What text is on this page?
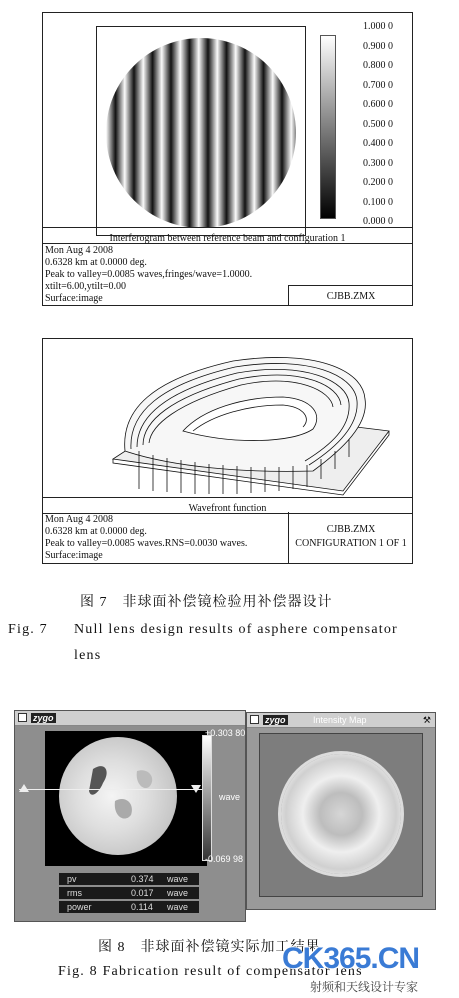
1.000 0
0.900 0
0.800 0
0.700 0
0.600 0
0.500 0
0.400 0
0.300 0
0.200 0
0.100 0
0.000 0
Interferogram between reference beam and configuration 1
Mon Aug 4 2008
0.6328 km at 0.0000 deg.
Peak to valley=0.0085 waves,fringes/wave=1.0000.
xtilt=6.00,ytilt=0.00
Surface:image	CJBB.ZMX
Wavefront function
Mon Aug 4 2008
0.6328 km at 0.0000 deg.
Peak to valley=0.0085 waves.RNS=0.0030 waves.
Surface:image
CJBB.ZMX
CONFIGURATION 1 OF 1
图 7　非球面补偿镜检验用补偿器设计
Fig. 7 Null lens design results of asphere compensator
lens
zygo
+0.303 80
wave
-0.069 98
pv	0.374 wave
rms	0.017 wave
power	0.114 wave
zygo	Intensity Map	⚒
图 8　非球面补偿镜实际加工结果
Fig. 8 Fabrication result of compensator lens
CK365.CN
射频和天线设计专家
